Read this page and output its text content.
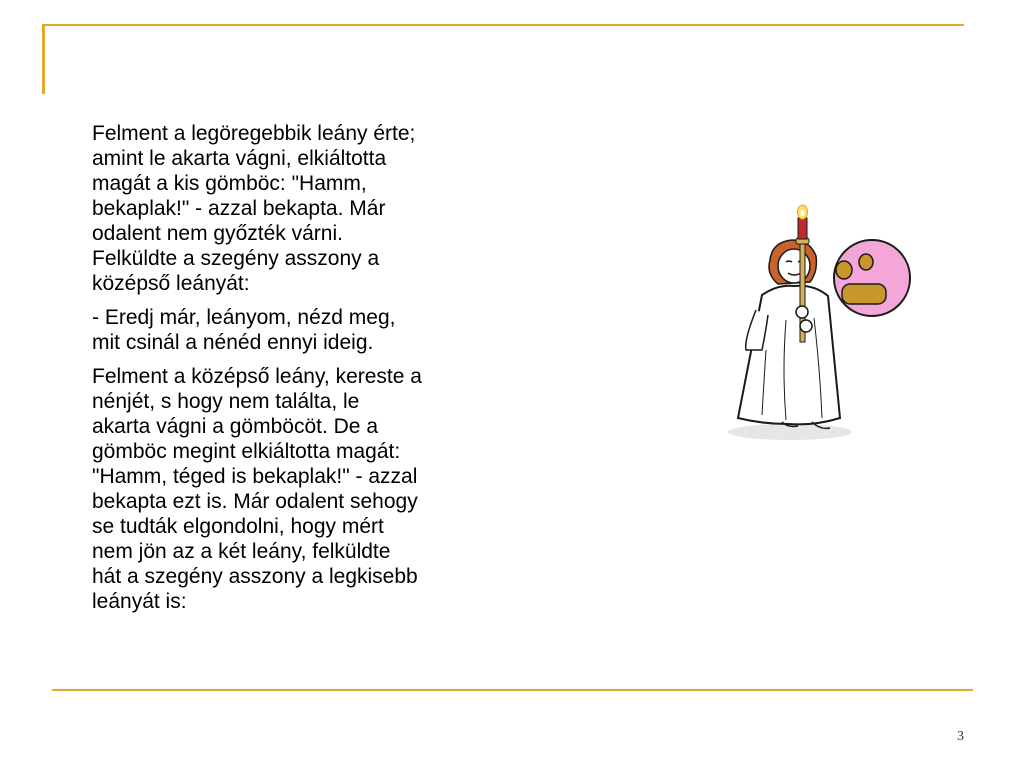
Felment a legöregebbik leány érte;
amint le akarta vágni, elkiáltotta
magát a kis gömböc: "Hamm,
bekaplak!" - azzal bekapta. Már
odalent nem győzték várni.
Felküldte a szegény asszony a
középső leányát:

- Eredj már, leányom, nézd meg,
mit csinál a nénéd ennyi ideig.

Felment a középső leány, kereste a
nénjét, s hogy nem találta, le
akarta vágni a gömböcöt. De a
gömböc megint elkiáltotta magát:
"Hamm, téged is bekaplak!" - azzal
bekapta ezt is. Már odalent sehogy
se tudták elgondolni, hogy mért
nem jön az a két leány, felküldte
hát a szegény asszony a legkisebb
leányát is:

3
